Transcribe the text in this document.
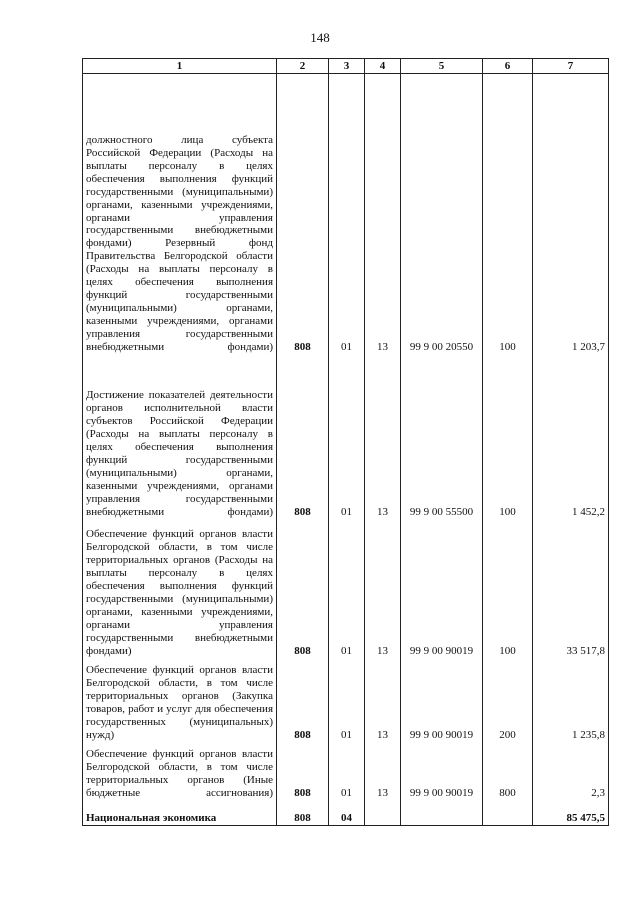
148
1	2	3	4	5	6	7
должностного лица субъекта Российской Федерации (Расходы на выплаты персоналу в целях обеспечения выполнения функций государственными (муниципальными) органами, казенными учреждениями, органами управления государственными внебюджетными фондами) Резервный фонд Правительства Белгородской области (Расходы на выплаты персоналу в целях обеспечения выполнения функций государственными (муниципальными) органами, казенными учреждениями, органами управления государственными внебюджетными фондами)	808	01	13	99 9 00 20550	100	1 203,7
Достижение показателей деятельности органов исполнительной власти субъектов Российской Федерации (Расходы на выплаты персоналу в целях обеспечения выполнения функций государственными (муниципальными) органами, казенными учреждениями, органами управления государственными внебюджетными фондами)	808	01	13	99 9 00 55500	100	1 452,2
Обеспечение функций органов власти Белгородской области, в том числе территориальных органов (Расходы на выплаты персоналу в целях обеспечения выполнения функций государственными (муниципальными) органами, казенными учреждениями, органами управления государственными внебюджетными фондами)	808	01	13	99 9 00 90019	100	33 517,8
Обеспечение функций органов власти Белгородской области, в том числе территориальных органов (Закупка товаров, работ и услуг для обеспечения государственных (муниципальных) нужд)	808	01	13	99 9 00 90019	200	1 235,8
Обеспечение функций органов власти Белгородской области, в том числе территориальных органов (Иные бюджетные ассигнования)	808	01	13	99 9 00 90019	800	2,3
Национальная экономика	808	04				85 475,5
